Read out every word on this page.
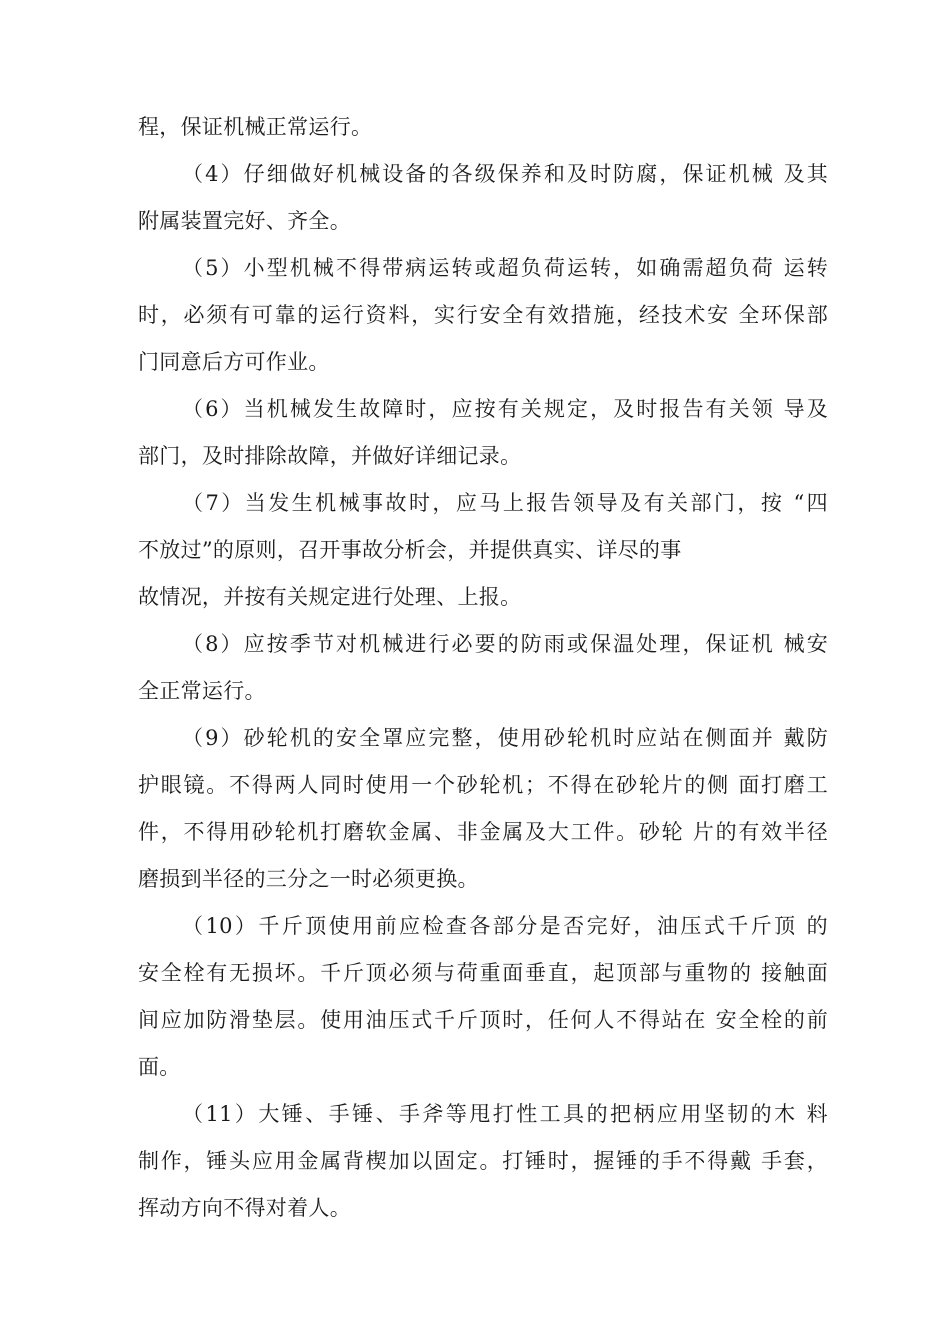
程，保证机械正常运行。
（4）仔细做好机械设备的各级保养和及时防腐，保证机械 及其
附属装置完好、齐全。
（5）小型机械不得带病运转或超负荷运转，如确需超负荷 运转
时，必须有可靠的运行资料，实行安全有效措施，经技术安 全环保部
门同意后方可作业。
（6）当机械发生故障时，应按有关规定，及时报告有关领 导及
部门，及时排除故障，并做好详细记录。
（7）当发生机械事故时，应马上报告领导及有关部门，按 “四
不放过”的原则，召开事故分析会，并提供真实、详尽的事
故情况，并按有关规定进行处理、上报。
（8）应按季节对机械进行必要的防雨或保温处理，保证机 械安
全正常运行。
（9）砂轮机的安全罩应完整，使用砂轮机时应站在侧面并 戴防
护眼镜。不得两人同时使用一个砂轮机；不得在砂轮片的侧 面打磨工
件，不得用砂轮机打磨软金属、非金属及大工件。砂轮 片的有效半径
磨损到半径的三分之一时必须更换。
（10）千斤顶使用前应检查各部分是否完好，油压式千斤顶 的
安全栓有无损坏。千斤顶必须与荷重面垂直，起顶部与重物的 接触面
间应加防滑垫层。使用油压式千斤顶时，任何人不得站在 安全栓的前
面。
（11）大锤、手锤、手斧等甩打性工具的把柄应用坚韧的木 料
制作，锤头应用金属背楔加以固定。打锤时，握锤的手不得戴 手套，
挥动方向不得对着人。
